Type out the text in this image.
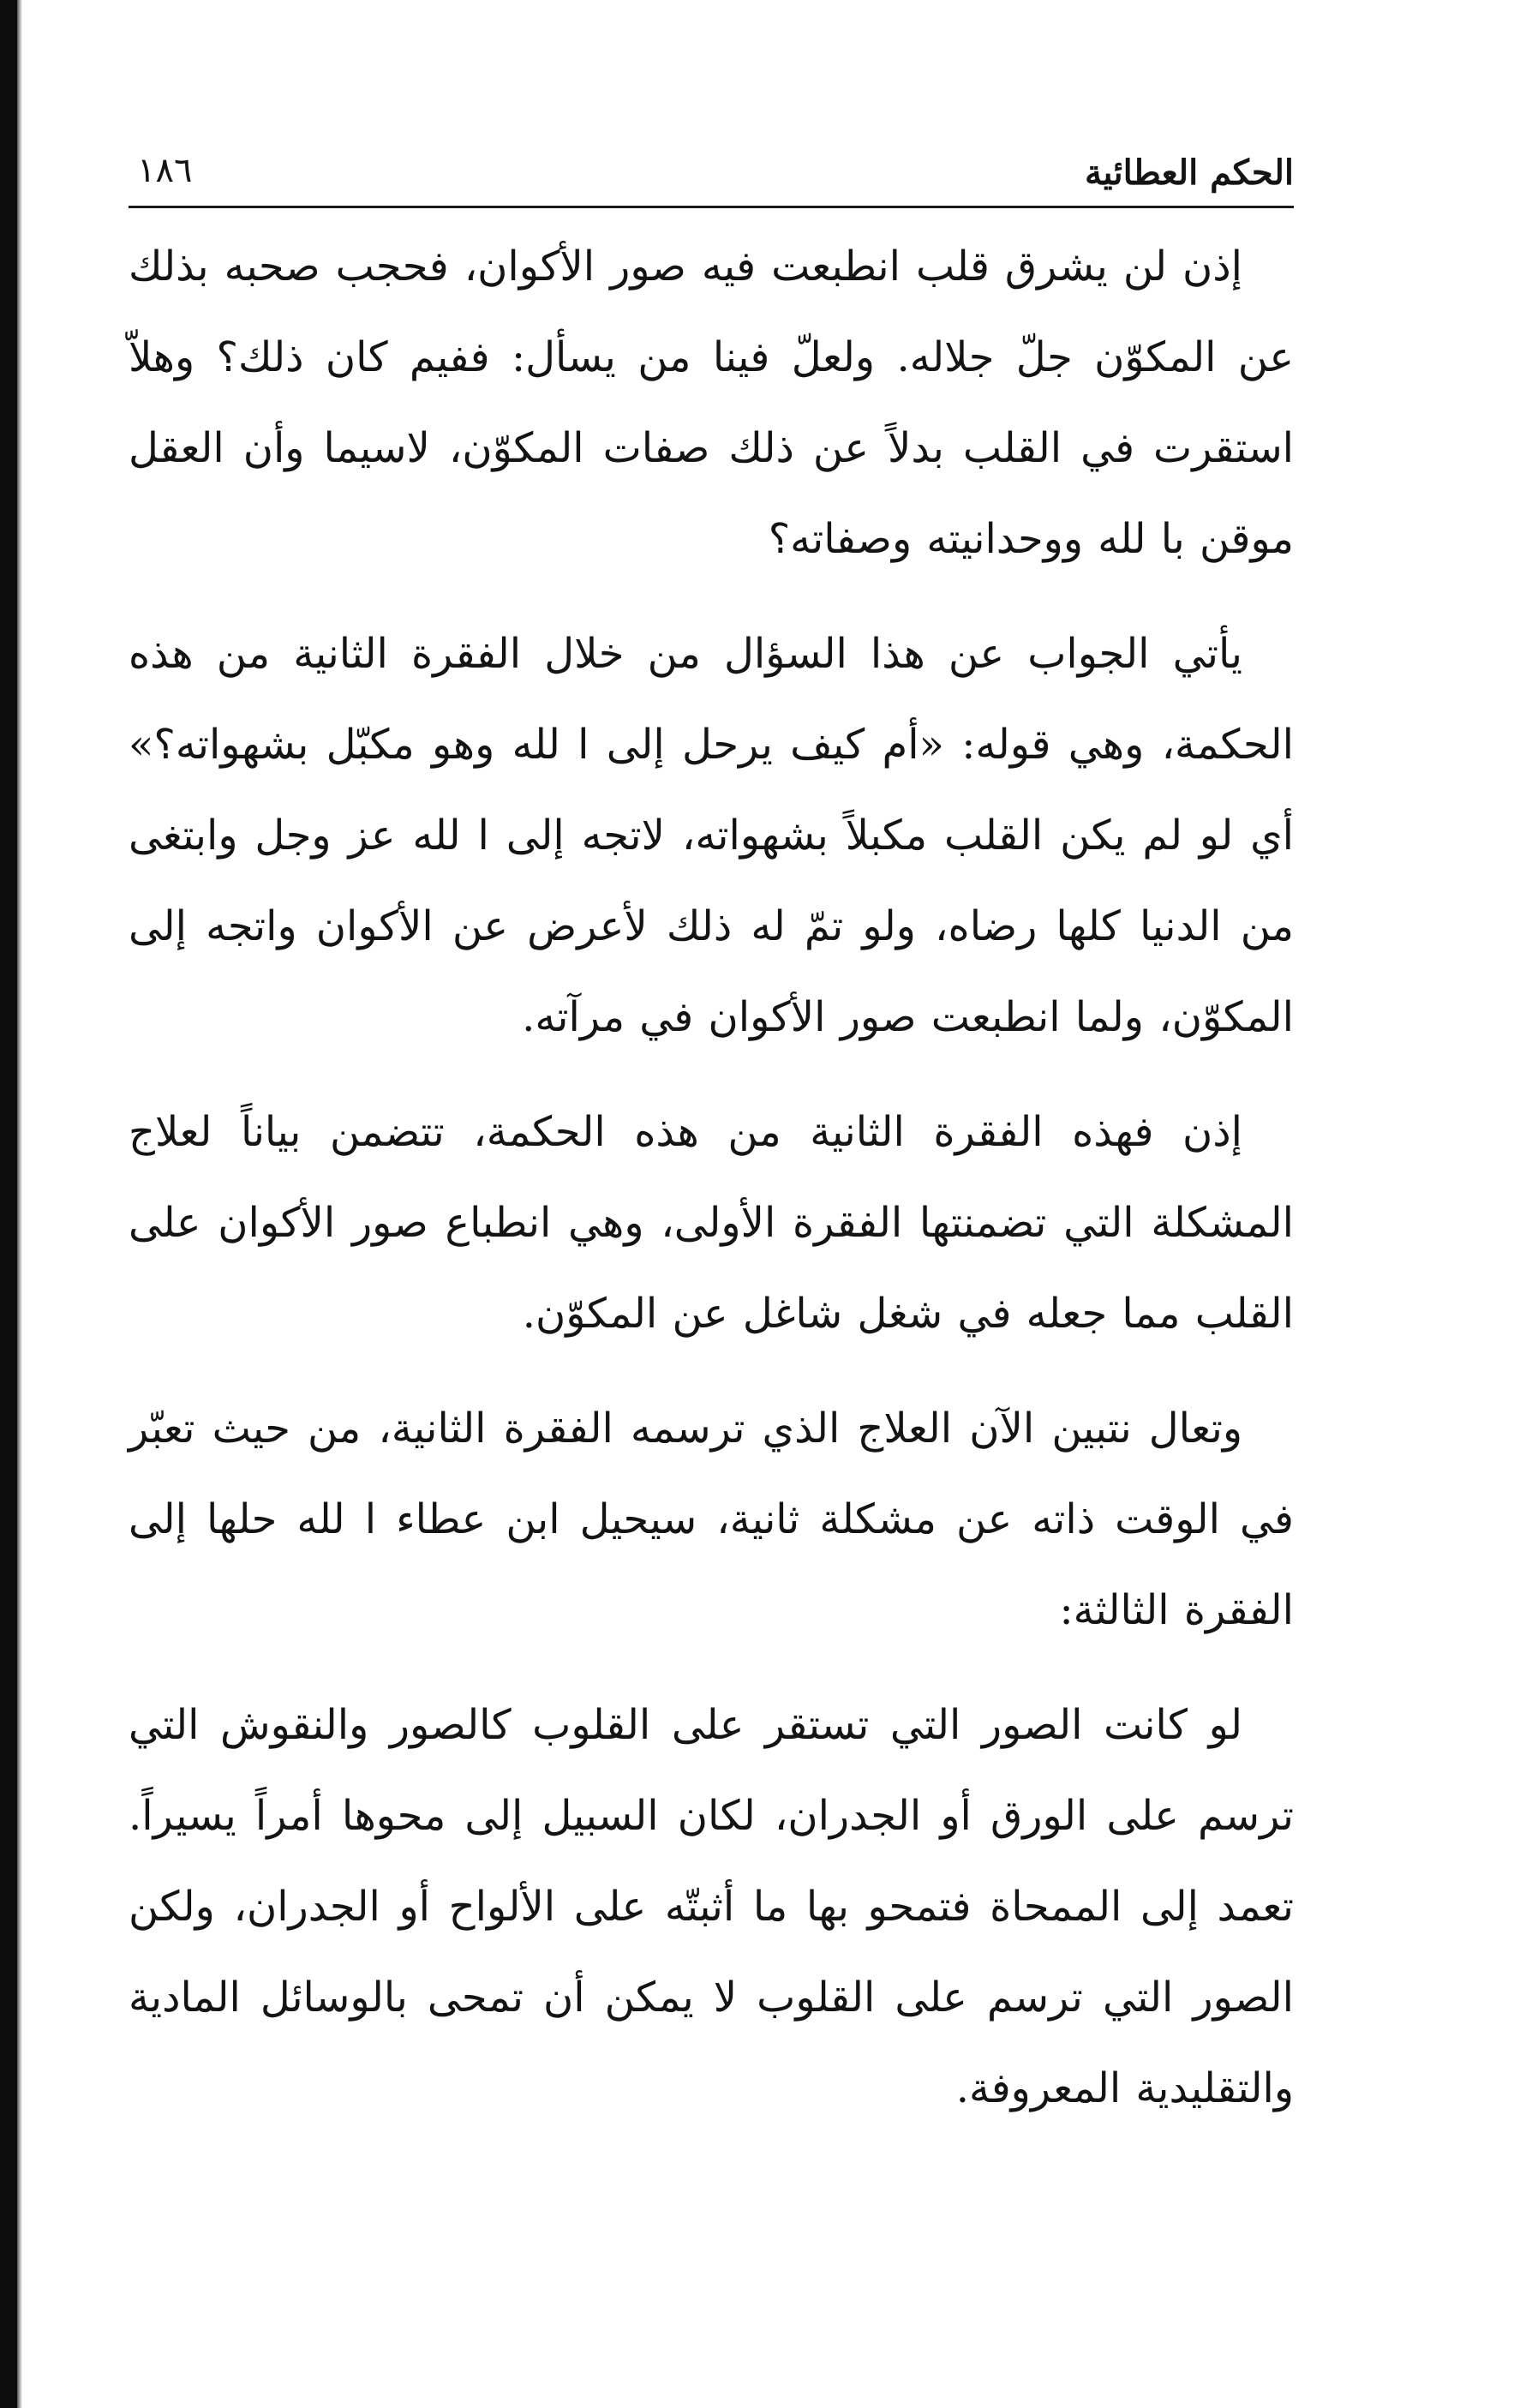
الحكم العطائية
١٨٦

إذن لن يشرق قلب انطبعت فيه صور الأكوان، فحجب صحبه بذلك عن المكوّن جلّ جلاله. ولعلّ فينا من يسأل: ففيم كان ذلك؟ وهلاّ استقرت في القلب بدلاً عن ذلك صفات المكوّن، لاسيما وأن العقل موقن با لله ووحدانيته وصفاته؟

يأتي الجواب عن هذا السؤال من خلال الفقرة الثانية من هذه الحكمة، وهي قوله: «أم كيف يرحل إلى ا لله وهو مكبّل بشهواته؟» أي لو لم يكن القلب مكبلاً بشهواته، لاتجه إلى ا لله عز وجل وابتغى من الدنيا كلها رضاه، ولو تمّ له ذلك لأعرض عن الأكوان واتجه إلى المكوّن، ولما انطبعت صور الأكوان في مرآته.

إذن فهذه الفقرة الثانية من هذه الحكمة، تتضمن بياناً لعلاج المشكلة التي تضمنتها الفقرة الأولى، وهي انطباع صور الأكوان على القلب مما جعله في شغل شاغل عن المكوّن.

وتعال نتبين الآن العلاج الذي ترسمه الفقرة الثانية، من حيث تعبّر في الوقت ذاته عن مشكلة ثانية، سيحيل ابن عطاء ا لله حلها إلى الفقرة الثالثة:

لو كانت الصور التي تستقر على القلوب كالصور والنقوش التي ترسم على الورق أو الجدران، لكان السبيل إلى محوها أمراً يسيراً. تعمد إلى الممحاة فتمحو بها ما أثبتّه على الألواح أو الجدران، ولكن الصور التي ترسم على القلوب لا يمكن أن تمحى بالوسائل المادية والتقليدية المعروفة.
